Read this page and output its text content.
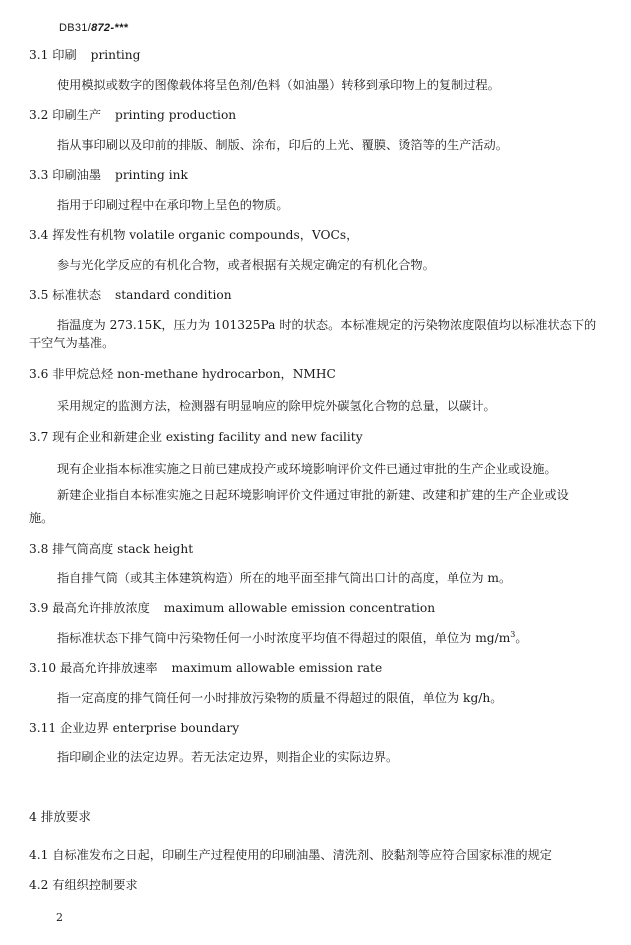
DB31/872-***
3.1 印刷 printing
使用模拟或数字的图像载体将呈色剂/色料（如油墨）转移到承印物上的复制过程。
3.2 印刷生产 printing production
指从事印刷以及印前的排版、制版、涂布，印后的上光、覆膜、烫箔等的生产活动。
3.3 印刷油墨 printing ink
指用于印刷过程中在承印物上呈色的物质。
3.4 挥发性有机物 volatile organic compounds，VOCs，
参与光化学反应的有机化合物，或者根据有关规定确定的有机化合物。
3.5 标准状态 standard condition
指温度为 273.15K，压力为 101325Pa 时的状态。本标准规定的污染物浓度限值均以标准状态下的
干空气为基准。
3.6 非甲烷总烃 non-methane hydrocarbon，NMHC
采用规定的监测方法，检测器有明显响应的除甲烷外碳氢化合物的总量，以碳计。
3.7 现有企业和新建企业 existing facility and new facility
现有企业指本标准实施之日前已建成投产或环境影响评价文件已通过审批的生产企业或设施。
新建企业指自本标准实施之日起环境影响评价文件通过审批的新建、改建和扩建的生产企业或设
施。
3.8 排气筒高度 stack height
指自排气筒（或其主体建筑构造）所在的地平面至排气筒出口计的高度，单位为 m。
3.9 最高允许排放浓度 maximum allowable emission concentration
指标准状态下排气筒中污染物任何一小时浓度平均值不得超过的限值，单位为 $mg/m^3$。
3.10 最高允许排放速率 maximum allowable emission rate
指一定高度的排气筒任何一小时排放污染物的质量不得超过的限值，单位为 kg/h。
3.11 企业边界 enterprise boundary
指印刷企业的法定边界。若无法定边界，则指企业的实际边界。
4 排放要求
4.1 自标准发布之日起，印刷生产过程使用的印刷油墨、清洗剂、胶黏剂等应符合国家标准的规定
4.2 有组织控制要求
2
